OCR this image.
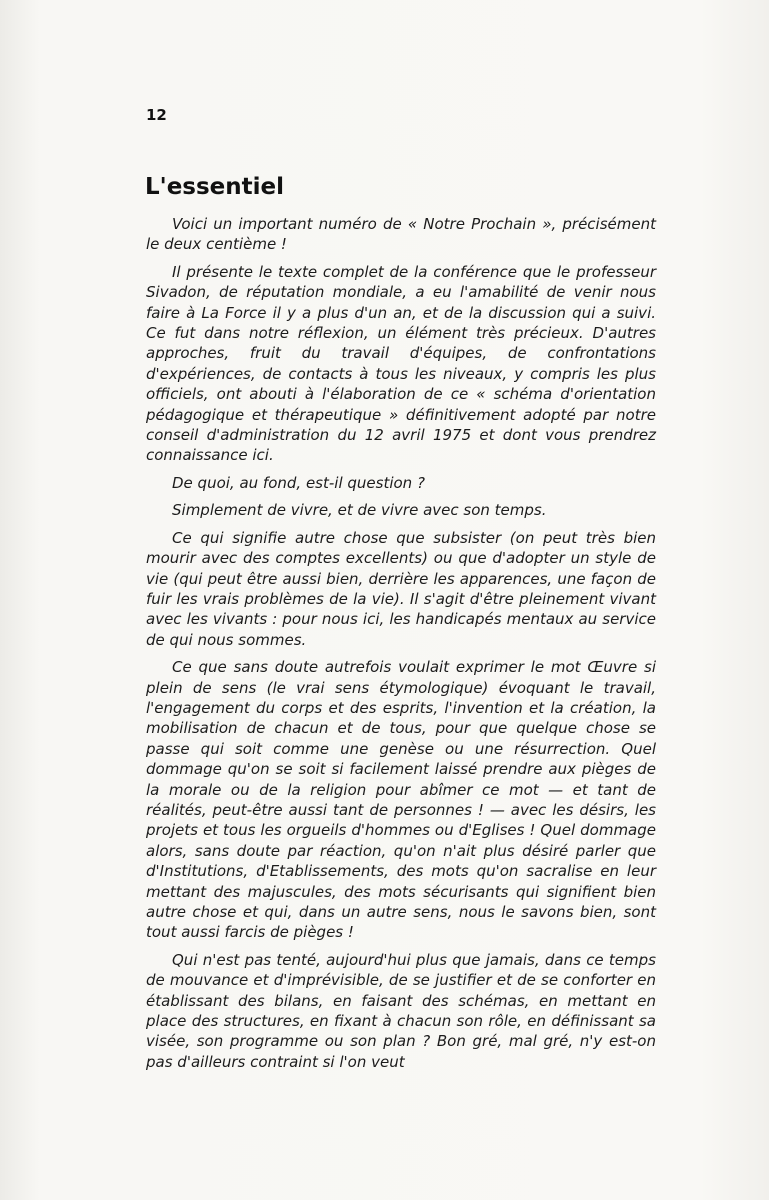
12
L'essentiel

Voici un important numéro de « Notre Prochain », précisément le deux centième !

Il présente le texte complet de la conférence que le professeur Sivadon, de réputation mondiale, a eu l'amabilité de venir nous faire à La Force il y a plus d'un an, et de la discussion qui a suivi. Ce fut dans notre réflexion, un élément très précieux. D'autres approches, fruit du travail d'équipes, de confrontations d'expériences, de contacts à tous les niveaux, y compris les plus officiels, ont abouti à l'élaboration de ce « schéma d'orientation pédagogique et thérapeutique » définitivement adopté par notre conseil d'administration du 12 avril 1975 et dont vous prendrez connaissance ici.

De quoi, au fond, est-il question ?

Simplement de vivre, et de vivre avec son temps.

Ce qui signifie autre chose que subsister (on peut très bien mourir avec des comptes excellents) ou que d'adopter un style de vie (qui peut être aussi bien, derrière les apparences, une façon de fuir les vrais problèmes de la vie). Il s'agit d'être pleinement vivant avec les vivants : pour nous ici, les handicapés mentaux au service de qui nous sommes.

Ce que sans doute autrefois voulait exprimer le mot Œuvre si plein de sens (le vrai sens étymologique) évoquant le travail, l'engagement du corps et des esprits, l'invention et la création, la mobilisation de chacun et de tous, pour que quelque chose se passe qui soit comme une genèse ou une résurrection. Quel dommage qu'on se soit si facilement laissé prendre aux pièges de la morale ou de la religion pour abîmer ce mot — et tant de réalités, peut-être aussi tant de personnes ! — avec les désirs, les projets et tous les orgueils d'hommes ou d'Eglises ! Quel dommage alors, sans doute par réaction, qu'on n'ait plus désiré parler que d'Institutions, d'Etablissements, des mots qu'on sacralise en leur mettant des majuscules, des mots sécurisants qui signifient bien autre chose et qui, dans un autre sens, nous le savons bien, sont tout aussi farcis de pièges !

Qui n'est pas tenté, aujourd'hui plus que jamais, dans ce temps de mouvance et d'imprévisible, de se justifier et de se conforter en établissant des bilans, en faisant des schémas, en mettant en place des structures, en fixant à chacun son rôle, en définissant sa visée, son programme ou son plan ? Bon gré, mal gré, n'y est-on pas d'ailleurs contraint si l'on veut
